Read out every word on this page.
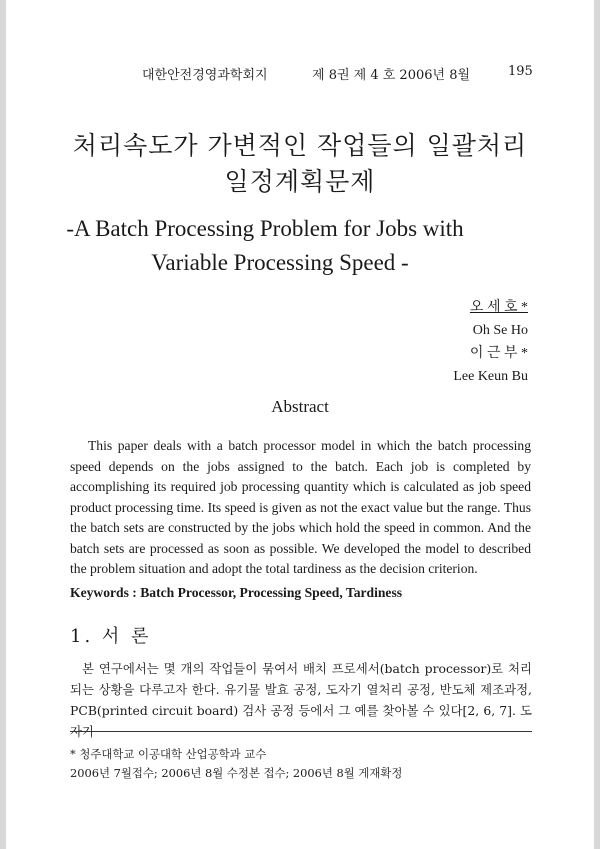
대한안전경영과학회지	제 8권 제 4 호 2006년 8월	195
처리속도가 가변적인 작업들의 일괄처리
일정계획문제
-A Batch Processing Problem for Jobs with
Variable Processing Speed -
오 세 호 *
Oh Se Ho
이 근 부 *
Lee Keun Bu
Abstract

This paper deals with a batch processor model in which the batch processing speed depends on the jobs assigned to the batch. Each job is completed by accomplishing its required job processing quantity which is calculated as job speed product processing time. Its speed is given as not the exact value but the range. Thus the batch sets are constructed by the jobs which hold the speed in common. And the batch sets are processed as soon as possible. We developed the model to described the problem situation and adopt the total tardiness as the decision criterion.

Keywords : Batch Processor, Processing Speed, Tardiness
1. 서 론

본 연구에서는 몇 개의 작업들이 묶여서 배치 프로세서(batch processor)로 처리되는 상황을 다루고자 한다. 유기물 발효 공정, 도자기 열처리 공정, 반도체 제조과정, PCB(printed circuit board) 검사 공정 등에서 그 예를 찾아볼 수 있다[2, 6, 7]. 도자기

* 청주대학교 이공대학 산업공학과 교수
2006년 7월접수; 2006년 8월 수정본 접수; 2006년 8월 게재확정
